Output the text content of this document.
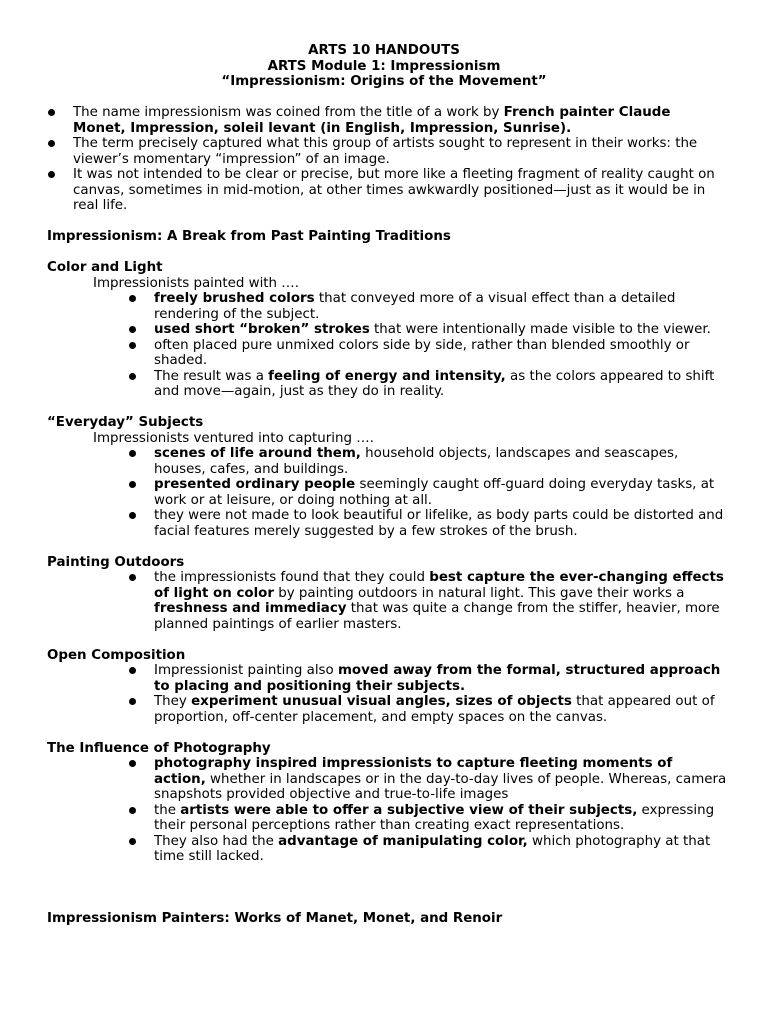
ARTS 10 HANDOUTS
ARTS Module 1: Impressionism
“Impressionism: Origins of the Movement”
The name impressionism was coined from the title of a work by French painter Claude Monet, Impression, soleil levant (in English, Impression, Sunrise).
The term precisely captured what this group of artists sought to represent in their works: the viewer’s momentary “impression” of an image.
It was not intended to be clear or precise, but more like a fleeting fragment of reality caught on canvas, sometimes in mid-motion, at other times awkwardly positioned—just as it would be in real life.
Impressionism: A Break from Past Painting Traditions
Color and Light
Impressionists painted with ….
freely brushed colors that conveyed more of a visual effect than a detailed rendering of the subject.
used short “broken” strokes that were intentionally made visible to the viewer.
often placed pure unmixed colors side by side, rather than blended smoothly or shaded.
The result was a feeling of energy and intensity, as the colors appeared to shift and move—again, just as they do in reality.
“Everyday” Subjects
Impressionists ventured into capturing ….
scenes of life around them, household objects, landscapes and seascapes, houses, cafes, and buildings.
presented ordinary people seemingly caught off-guard doing everyday tasks, at work or at leisure, or doing nothing at all.
they were not made to look beautiful or lifelike, as body parts could be distorted and facial features merely suggested by a few strokes of the brush.
Painting Outdoors
the impressionists found that they could best capture the ever-changing effects of light on color by painting outdoors in natural light. This gave their works a freshness and immediacy that was quite a change from the stiffer, heavier, more planned paintings of earlier masters.
Open Composition
Impressionist painting also moved away from the formal, structured approach
to placing and positioning their subjects.
They experiment unusual visual angles, sizes of objects that appeared out of proportion, off-center placement, and empty spaces on the canvas.
The Influence of Photography
photography inspired impressionists to capture fleeting moments of action, whether in landscapes or in the day-to-day lives of people. Whereas, camera snapshots provided objective and true-to-life images
the artists were able to offer a subjective view of their subjects, expressing their personal perceptions rather than creating exact representations.
They also had the advantage of manipulating color, which photography at that time still lacked.
Impressionism Painters: Works of Manet, Monet, and Renoir
